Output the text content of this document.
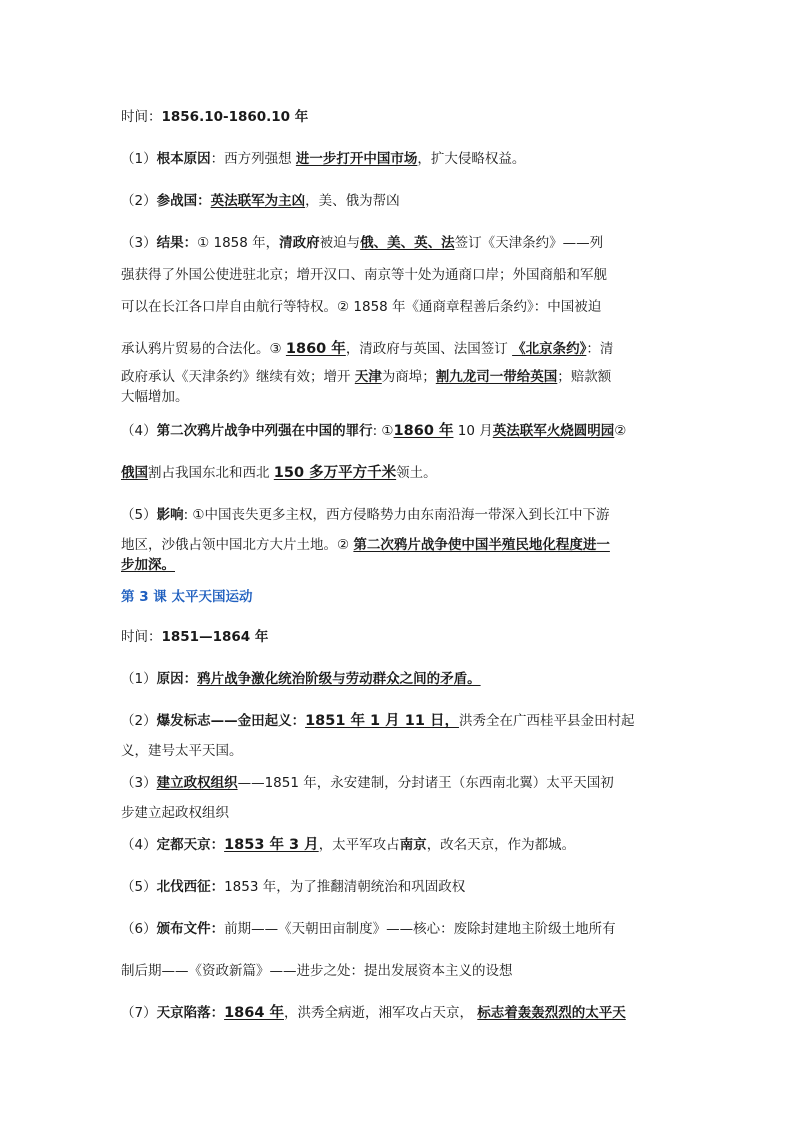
时间：1856.10-1860.10 年
（1）根本原因：西方列强想 进一步打开中国市场，扩大侵略权益。
（2）参战国：英法联军为主凶，美、俄为帮凶
（3）结果：① 1858 年，清政府被迫与俄、美、英、法签订《天津条约》——列
强获得了外国公使进驻北京；增开汉口、南京等十处为通商口岸；外国商船和军舰
可以在长江各口岸自由航行等特权。② 1858 年《通商章程善后条约》：中国被迫
承认鸦片贸易的合法化。③ 1860 年，清政府与英国、法国签订 《北京条约》：清
政府承认《天津条约》继续有效；增开 天津为商埠；割九龙司一带给英国；赔款额
大幅增加。
（4）第二次鸦片战争中列强在中国的罪行: ①1860 年 10 月英法联军火烧圆明园②
俄国割占我国东北和西北 150 多万平方千米领土。
（5）影响: ①中国丧失更多主权，西方侵略势力由东南沿海一带深入到长江中下游
地区，沙俄占领中国北方大片土地。② 第二次鸦片战争使中国半殖民地化程度进一
步加深。
第 3 课 太平天国运动
时间：1851—1864 年
（1）原因：鸦片战争激化统治阶级与劳动群众之间的矛盾。
（2）爆发标志——金田起义：1851 年 1 月 11 日，洪秀全在广西桂平县金田村起
义，建号太平天国。
（3）建立政权组织——1851 年，永安建制，分封诸王（东西南北翼）太平天国初
步建立起政权组织
（4）定都天京：1853 年 3 月，太平军攻占南京，改名天京，作为都城。
（5）北伐西征：1853 年，为了推翻清朝统治和巩固政权
（6）颁布文件：前期——《天朝田亩制度》——核心：废除封建地主阶级土地所有
制后期——《资政新篇》——进步之处：提出发展资本主义的设想
（7）天京陷落：1864 年，洪秀全病逝，湘军攻占天京， 标志着轰轰烈烈的太平天
